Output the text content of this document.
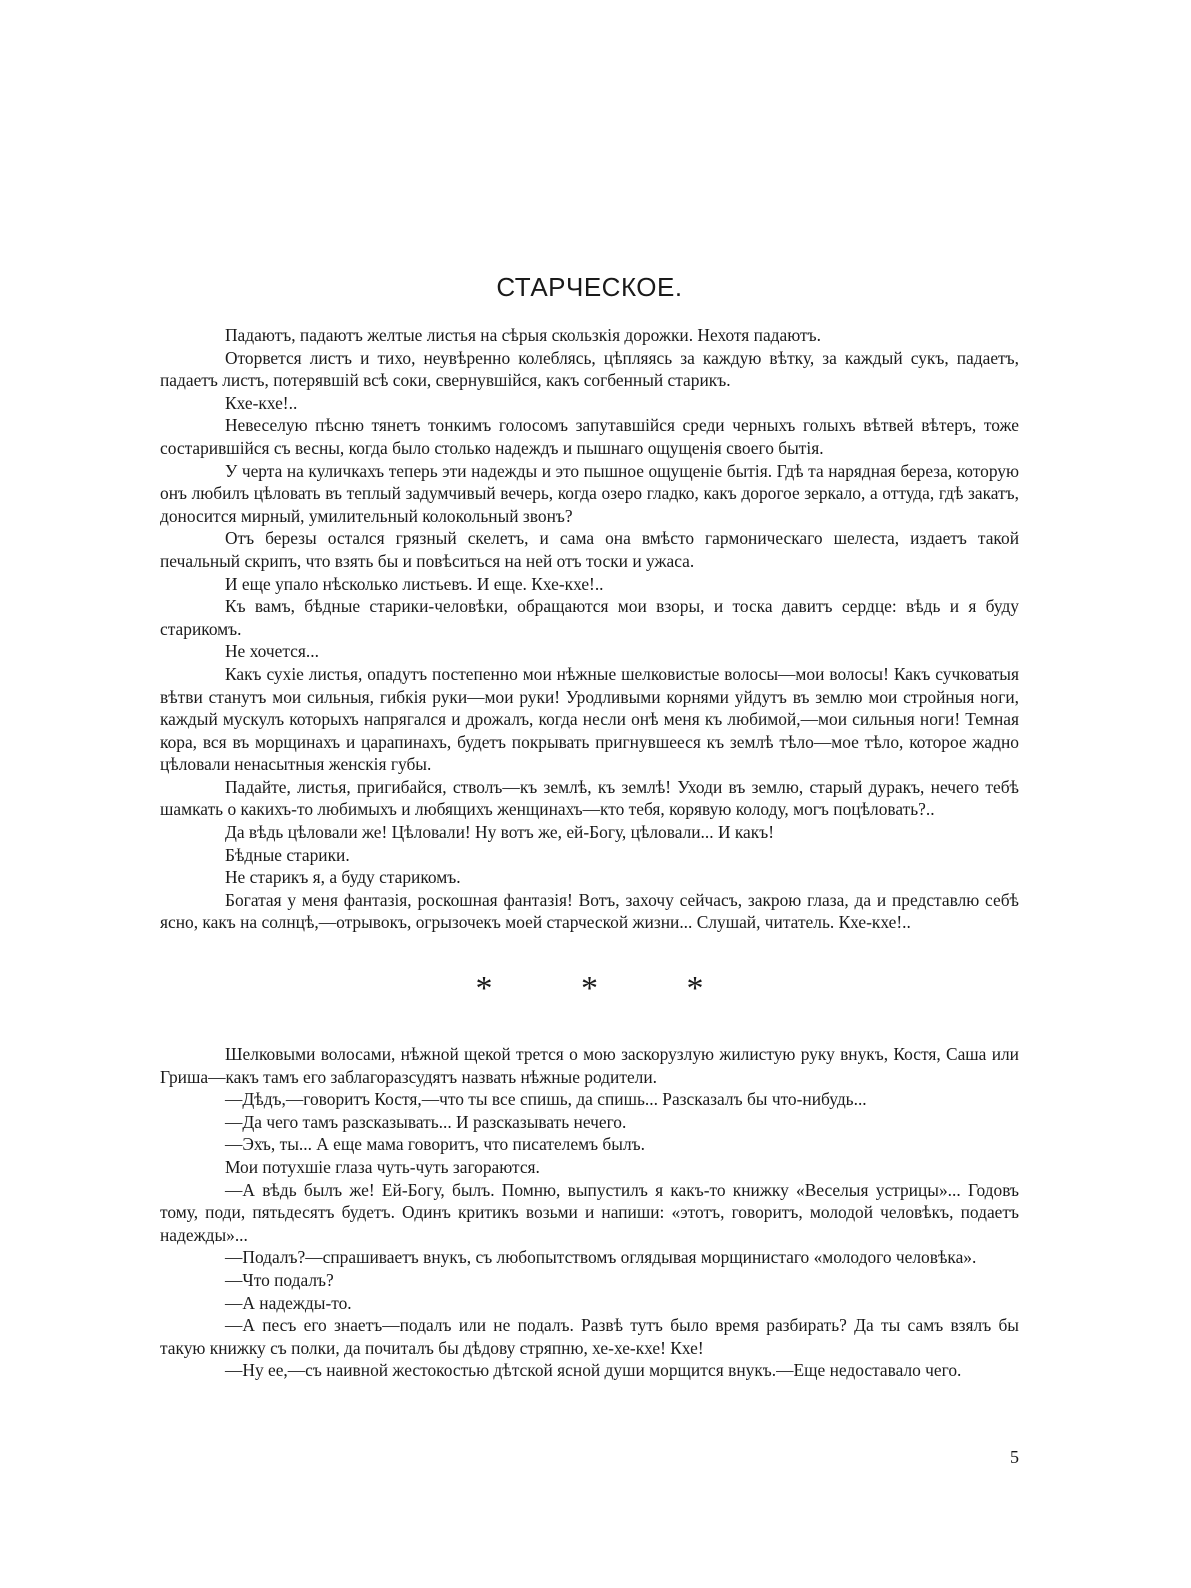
СТАРЧЕСКОЕ.

Падаютъ, падаютъ желтые листья на сѣрыя скользкія дорожки. Нехотя падаютъ.

Оторвется листъ и тихо, неувѣренно колеблясь, цѣпляясь за каждую вѣтку, за каждый сукъ, падаетъ, падаетъ листъ, потерявшій всѣ соки, свернувшійся, какъ согбенный старикъ.

Кхе-кхе!..

Невеселую пѣсню тянетъ тонкимъ голосомъ запутавшійся среди черныхъ голыхъ вѣтвей вѣтеръ, тоже состарившійся съ весны, когда было столько надеждъ и пышнаго ощущенія своего бытія.

У черта на куличкахъ теперь эти надежды и это пышное ощущеніе бытія. Гдѣ та нарядная береза, которую онъ любилъ цѣловать въ теплый задумчивый вечерь, когда озеро гладко, какъ дорогое зеркало, а оттуда, гдѣ закатъ, доносится мирный, умилительный колокольный звонъ?

Отъ березы остался грязный скелетъ, и сама она вмѣсто гармоническаго шелеста, издаетъ такой печальный скрипъ, что взять бы и повѣситься на ней отъ тоски и ужаса.

И еще упало нѣсколько листьевъ. И еще. Кхе-кхе!..

Къ вамъ, бѣдные старики-человѣки, обращаются мои взоры, и тоска давитъ сердце: вѣдь и я буду старикомъ.

Не хочется...

Какъ сухіе листья, опадутъ постепенно мои нѣжные шелковистые волосы—мои волосы! Какъ сучковатыя вѣтви станутъ мои сильныя, гибкія руки—мои руки! Уродливыми корнями уйдутъ въ землю мои стройныя ноги, каждый мускулъ которыхъ напрягался и дрожалъ, когда несли онѣ меня къ любимой,—мои сильныя ноги! Темная кора, вся въ морщинахъ и царапинахъ, будетъ покрывать пригнувшееся къ землѣ тѣло—мое тѣло, которое жадно цѣловали ненасытныя женскія губы.

Падайте, листья, пригибайся, стволъ—къ землѣ, къ землѣ! Уходи въ землю, старый дуракъ, нечего тебѣ шамкать о какихъ-то любимыхъ и любящихъ женщинахъ—кто тебя, корявую колоду, могъ поцѣловать?..

Да вѣдь цѣловали же! Цѣловали! Ну вотъ же, ей-Богу, цѣловали... И какъ!

Бѣдные старики.

Не старикъ я, а буду старикомъ.

Богатая у меня фантазія, роскошная фантазія! Вотъ, захочу сейчасъ, закрою глаза, да и представлю себѣ ясно, какъ на солнцѣ,—отрывокъ, огрызочекъ моей старческой жизни... Слушай, читатель. Кхе-кхе!..

* * *

Шелковыми волосами, нѣжной щекой трется о мою заскорузлую жилистую руку внукъ, Костя, Саша или Гриша—какъ тамъ его заблагоразсудятъ назвать нѣжные родители.

—Дѣдъ,—говоритъ Костя,—что ты все спишь, да спишь... Разсказалъ бы что-нибудь...

—Да чего тамъ разсказывать... И разсказывать нечего.

—Эхъ, ты... А еще мама говоритъ, что писателемъ былъ.

Мои потухшіе глаза чуть-чуть загораются.

—А вѣдь былъ же! Ей-Богу, былъ. Помню, выпустилъ я какъ-то книжку «Веселыя устрицы»... Годовъ тому, поди, пятьдесятъ будетъ. Одинъ критикъ возьми и напиши: «этотъ, говоритъ, молодой человѣкъ, подаетъ надежды»...

—Подалъ?—спрашиваетъ внукъ, съ любопытствомъ оглядывая морщинистаго «молодого человѣка».

—Что подалъ?

—А надежды-то.

—А песъ его знаетъ—подалъ или не подалъ. Развѣ тутъ было время разбирать? Да ты самъ взялъ бы такую книжку съ полки, да почиталъ бы дѣдову стряпню, хе-хе-кхе! Кхе!

—Ну ее,—съ наивной жестокостью дѣтской ясной души морщится внукъ.—Еще недоставало чего.

5
